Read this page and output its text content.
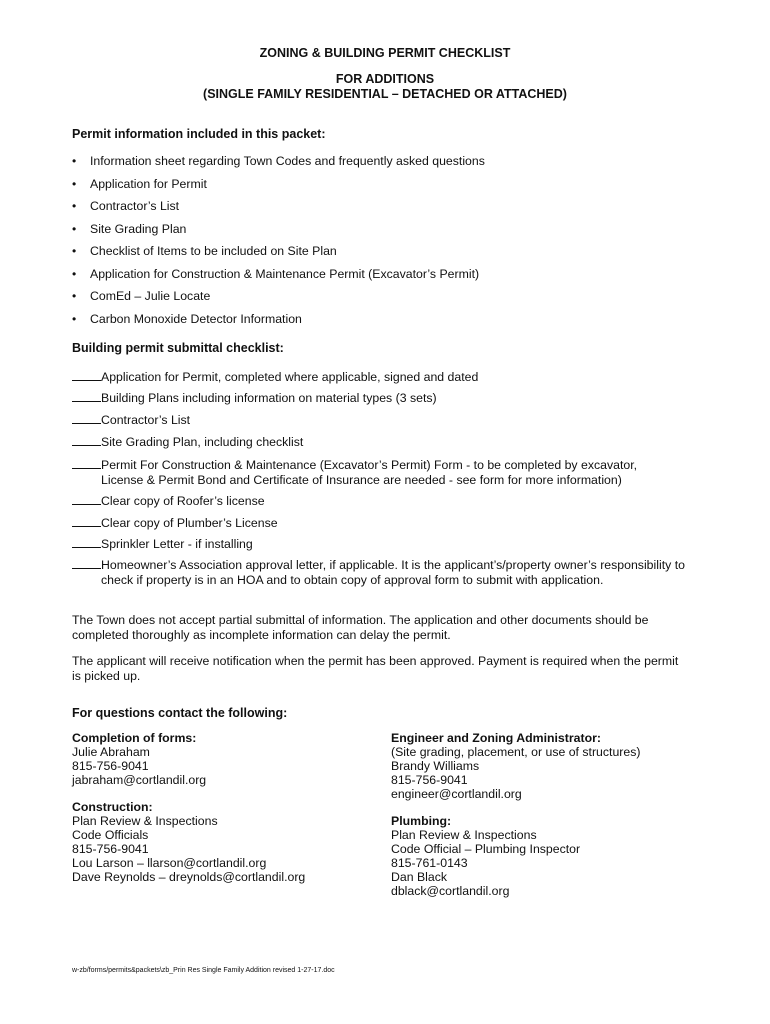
ZONING & BUILDING PERMIT CHECKLIST
FOR ADDITIONS
(SINGLE FAMILY RESIDENTIAL – DETACHED OR ATTACHED)
Permit information included in this packet:
• Information sheet regarding Town Codes and frequently asked questions
• Application for Permit
• Contractor’s List
• Site Grading Plan
• Checklist of Items to be included on Site Plan
• Application for Construction & Maintenance Permit (Excavator’s Permit)
• ComEd – Julie Locate
• Carbon Monoxide Detector Information
Building permit submittal checklist:
Application for Permit, completed where applicable, signed and dated
Building Plans including information on material types (3 sets)
Contractor’s List
Site Grading Plan, including checklist
Permit For Construction & Maintenance (Excavator’s Permit) Form - to be completed by excavator,
License & Permit Bond and Certificate of Insurance are needed - see form for more information)
Clear copy of Roofer’s license
Clear copy of Plumber’s License
Sprinkler Letter - if installing
Homeowner’s Association approval letter, if applicable. It is the applicant’s/property owner’s responsibility to
check if property is in an HOA and to obtain copy of approval form to submit with application.
The Town does not accept partial submittal of information. The application and other documents should be
completed thoroughly as incomplete information can delay the permit.
The applicant will receive notification when the permit has been approved. Payment is required when the permit
is picked up.
For questions contact the following:
Completion of forms:
Julie Abraham
815-756-9041
jabraham@cortlandil.org
Construction:
Plan Review & Inspections
Code Officials
815-756-9041
Lou Larson – llarson@cortlandil.org
Dave Reynolds – dreynolds@cortlandil.org
Engineer and Zoning Administrator:
(Site grading, placement, or use of structures)
Brandy Williams
815-756-9041
engineer@cortlandil.org
Plumbing:
Plan Review & Inspections
Code Official – Plumbing Inspector
815-761-0143
Dan Black
dblack@cortlandil.org
w-zb/forms/permits&packets\zb_Prin Res Single Family Addition revised 1-27-17.doc
